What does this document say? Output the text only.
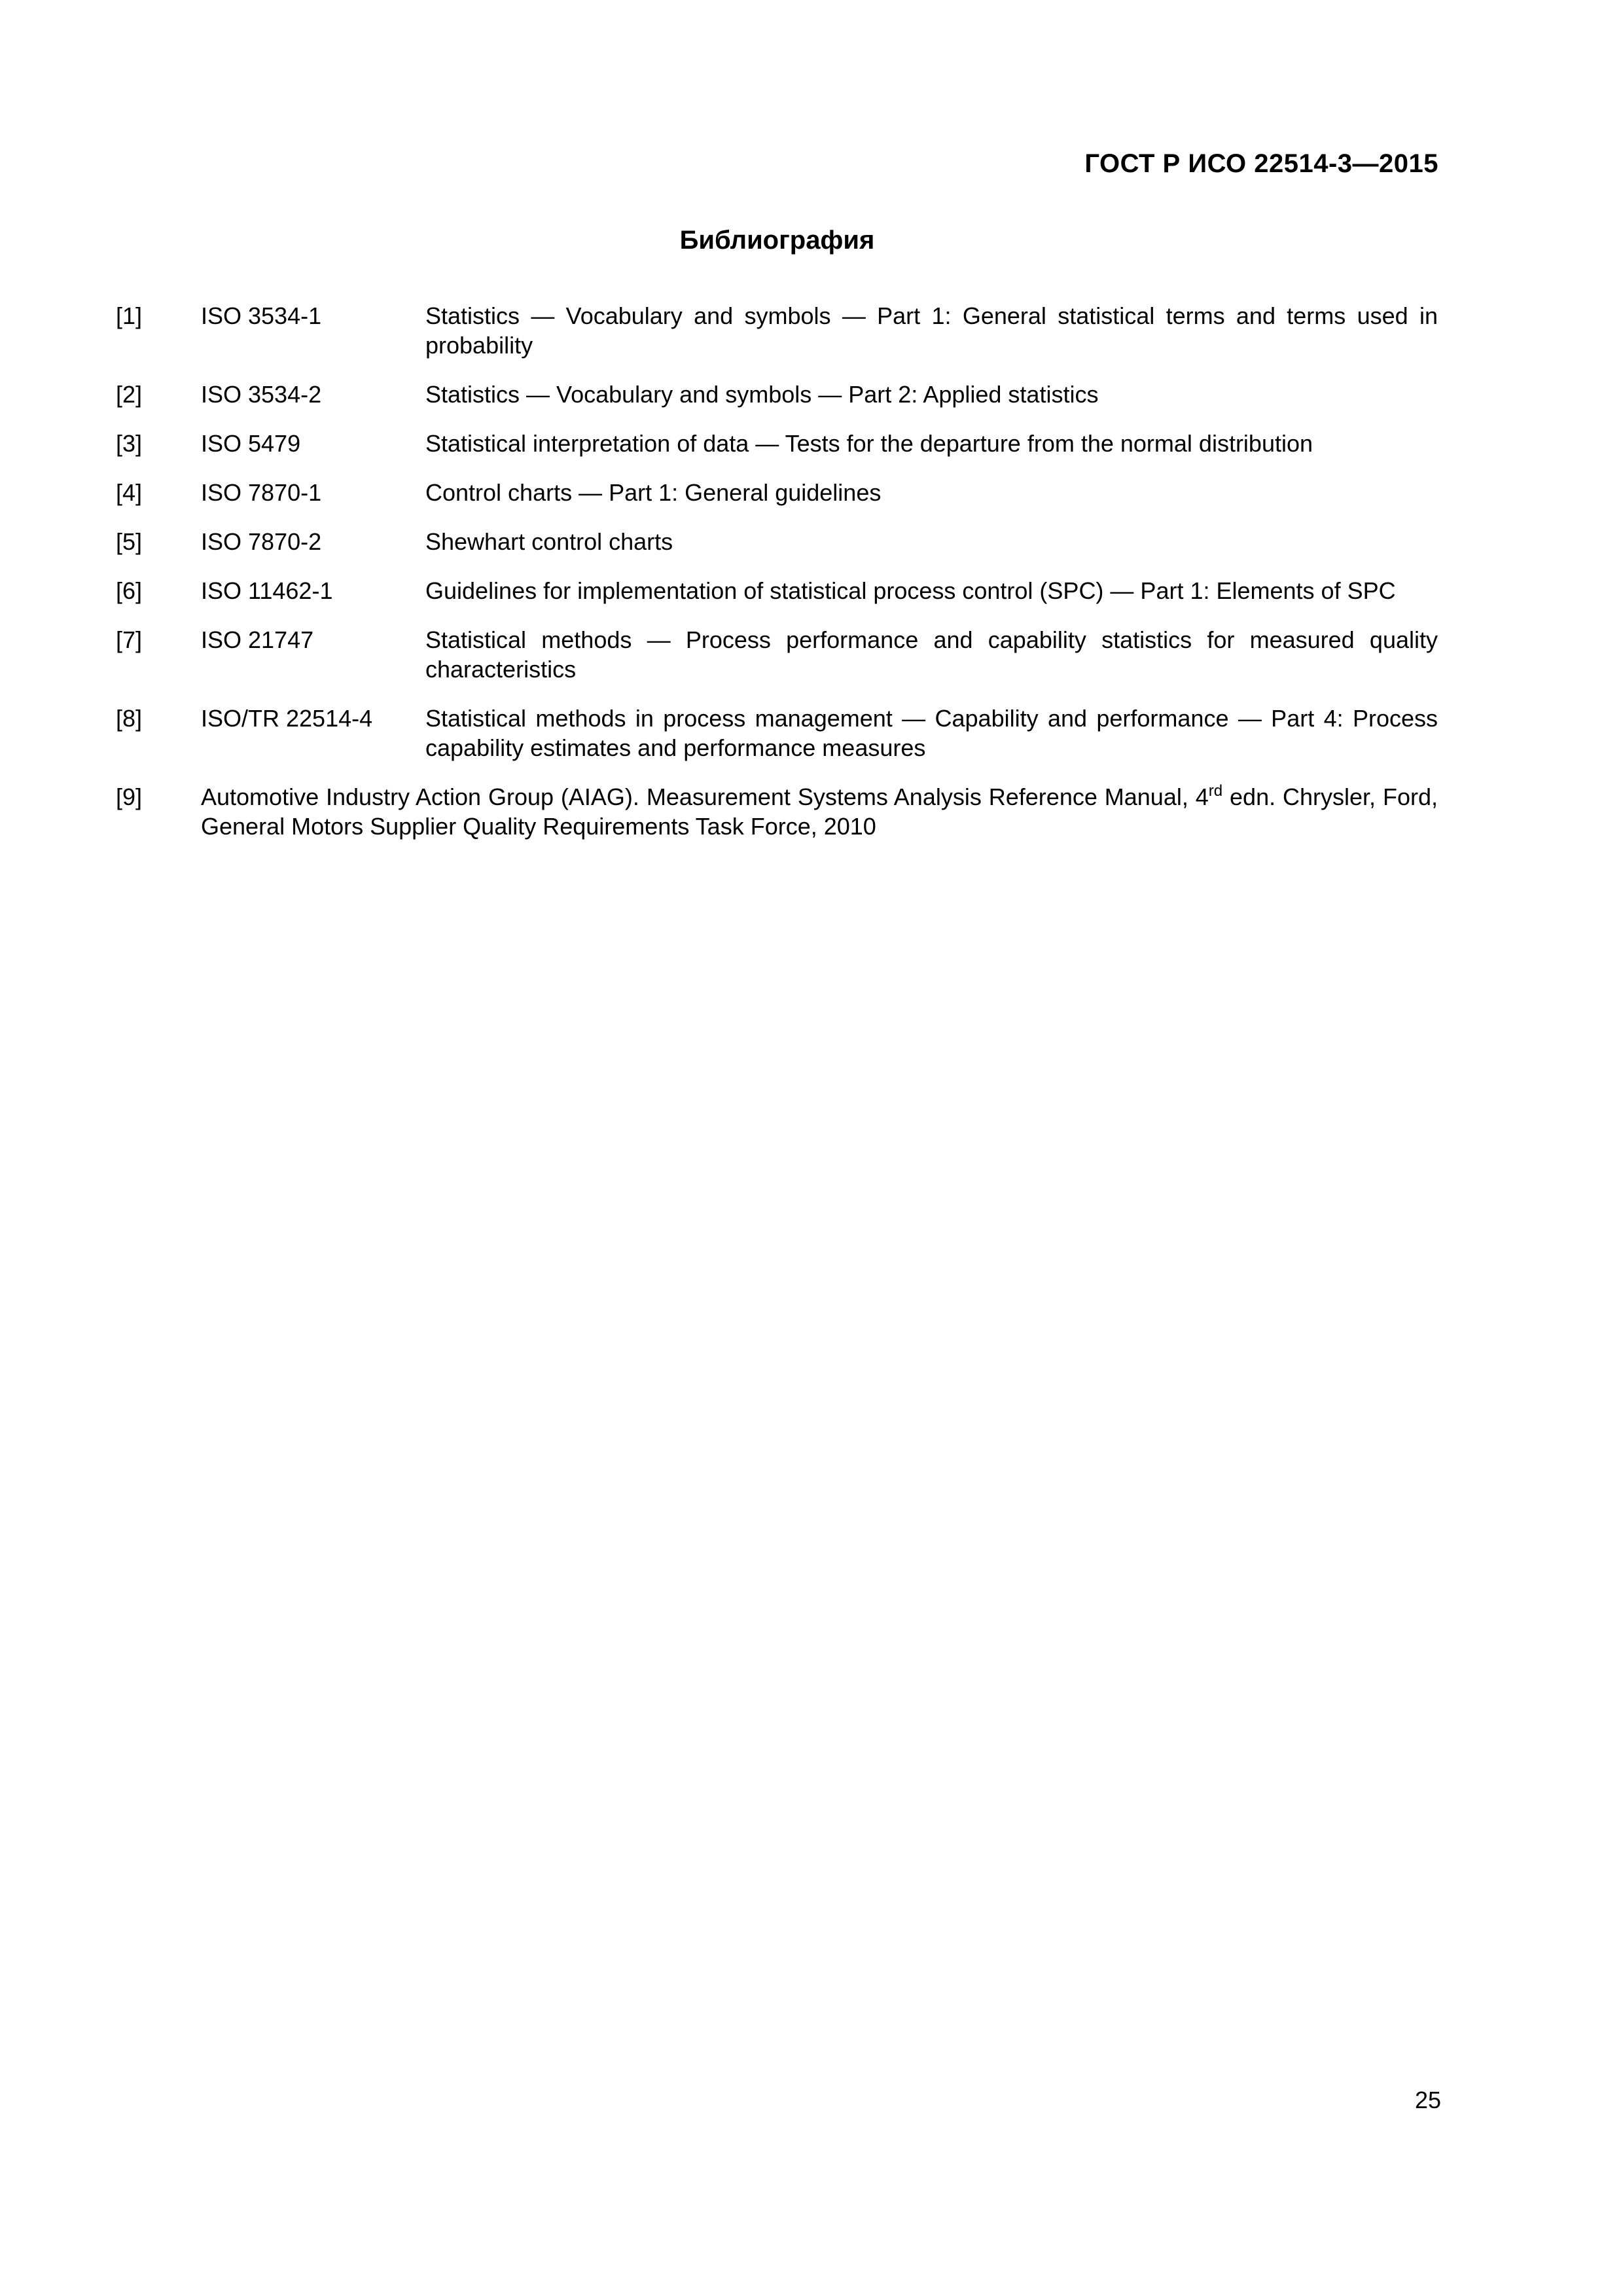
ГОСТ Р ИСО 22514-3—2015
Библиография
[1]	ISO 3534-1	Statistics — Vocabulary and symbols — Part 1: General statistical terms and terms used in probability
[2]	ISO 3534-2	Statistics — Vocabulary and symbols — Part 2: Applied statistics
[3]	ISO 5479	Statistical interpretation of data — Tests for the departure from the normal distribution
[4]	ISO 7870-1	Control charts — Part 1: General guidelines
[5]	ISO 7870-2	Shewhart control charts
[6]	ISO 11462-1	Guidelines for implementation of statistical process control (SPC) — Part 1: Elements of SPC
[7]	ISO 21747	Statistical methods — Process performance and capability statistics for measured quality characteristics
[8]	ISO/TR 22514-4	Statistical methods in process management — Capability and performance — Part 4: Process capability estimates and performance measures
[9]	Automotive Industry Action Group (AIAG). Measurement Systems Analysis Reference Manual, 4rd edn. Chrysler, Ford, General Motors Supplier Quality Requirements Task Force, 2010
25
